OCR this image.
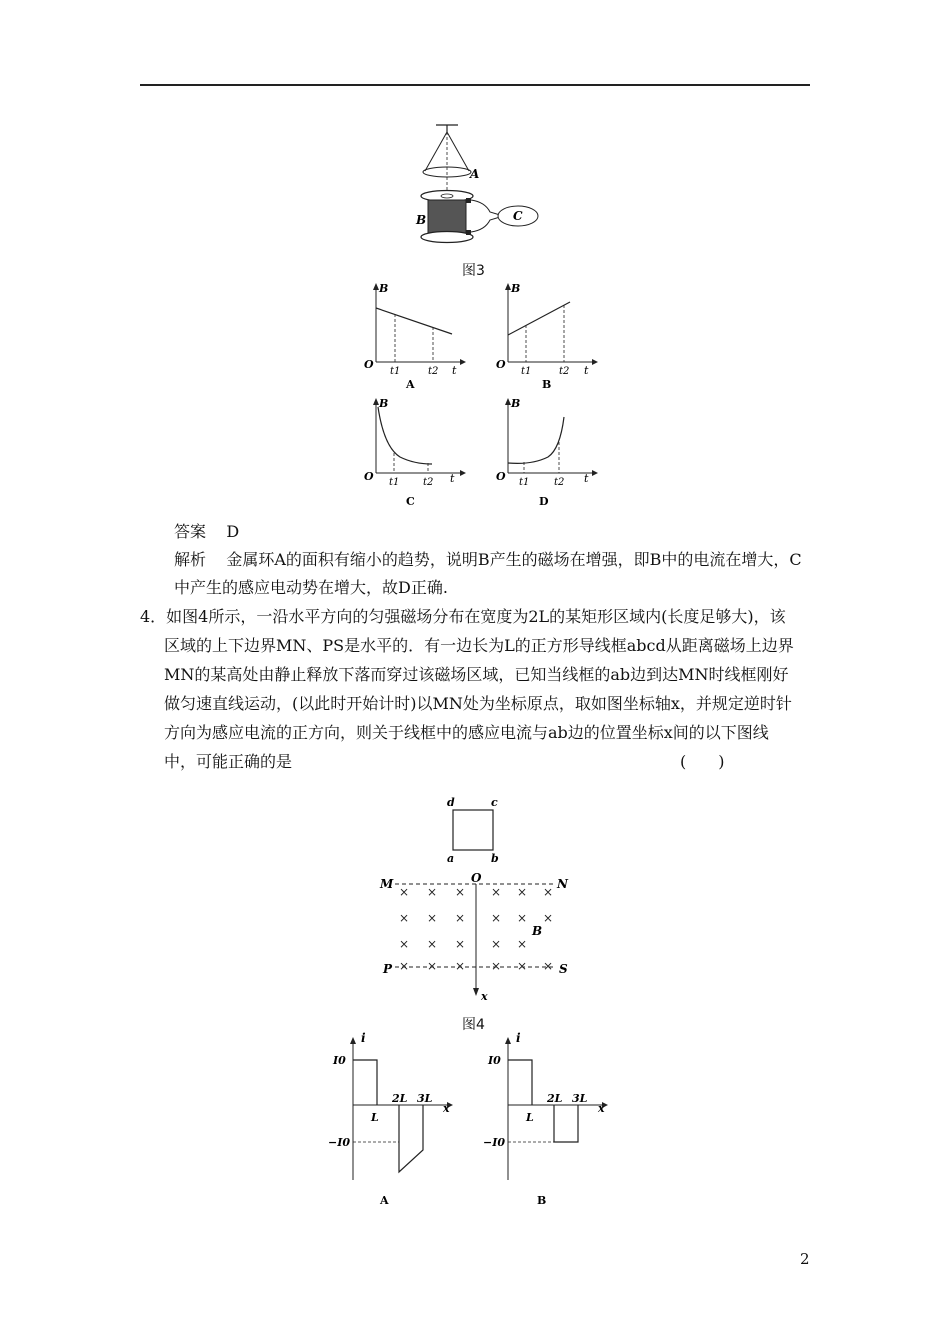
A
B	C
图3
B
O
t1	t2 t
A
B
O
t1	t2 t
B
B
O t1 t2 t
C
B
O t1 t2 t
D
答案 D
解析 金属环A的面积有缩小的趋势，说明B产生的磁场在增强，即B中的电流在增大，C
中产生的感应电动势在增大，故D正确.
4．如图4所示，一沿水平方向的匀强磁场分布在宽度为2L的某矩形区域内(长度足够大)，该
区域的上下边界MN、PS是水平的．有一边长为L的正方形导线框abcd从距离磁场上边界
MN的某高处由静止释放下落而穿过该磁场区域，已知当线框的ab边到达MN时线框刚好
做匀速直线运动，(以此时开始计时)以MN处为坐标原点，取如图坐标轴x，并规定逆时针
方向为感应电流的正方向，则关于线框中的感应电流与ab边的位置坐标x间的以下图线
中，可能正确的是	(　　)
d	c
a	b
M	N
O
P	S
B
x
× × × × × ×
× × × × × ×
× × × × ×
× × × × × ×
图4
i
I0
−I0
L
2L 3L
x
A
i
I0
−I0
L
2L 3L
x
B
2
